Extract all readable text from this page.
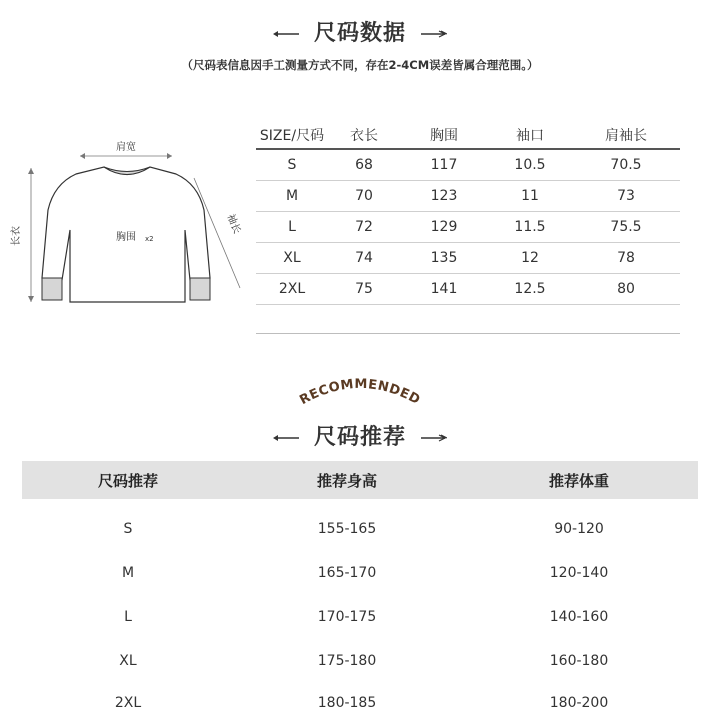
尺码数据
（尺码表信息因手工测量方式不同，存在2-4CM误差皆属合理范围。）
肩宽
长衣	胸围 x2
袖长
SIZE/尺码	衣长	胸围	袖口	肩袖长
S	68	117	10.5	70.5
M	70	123	11	73
L	72	129	11.5	75.5
XL	74	135	12	78
2XL	75	141	12.5	80
RECOMMENDED
尺码推荐
尺码推荐	推荐身高	推荐体重
S	155-165	90-120
M	165-170	120-140
L	170-175	140-160
XL	175-180	160-180
2XL	180-185	180-200
